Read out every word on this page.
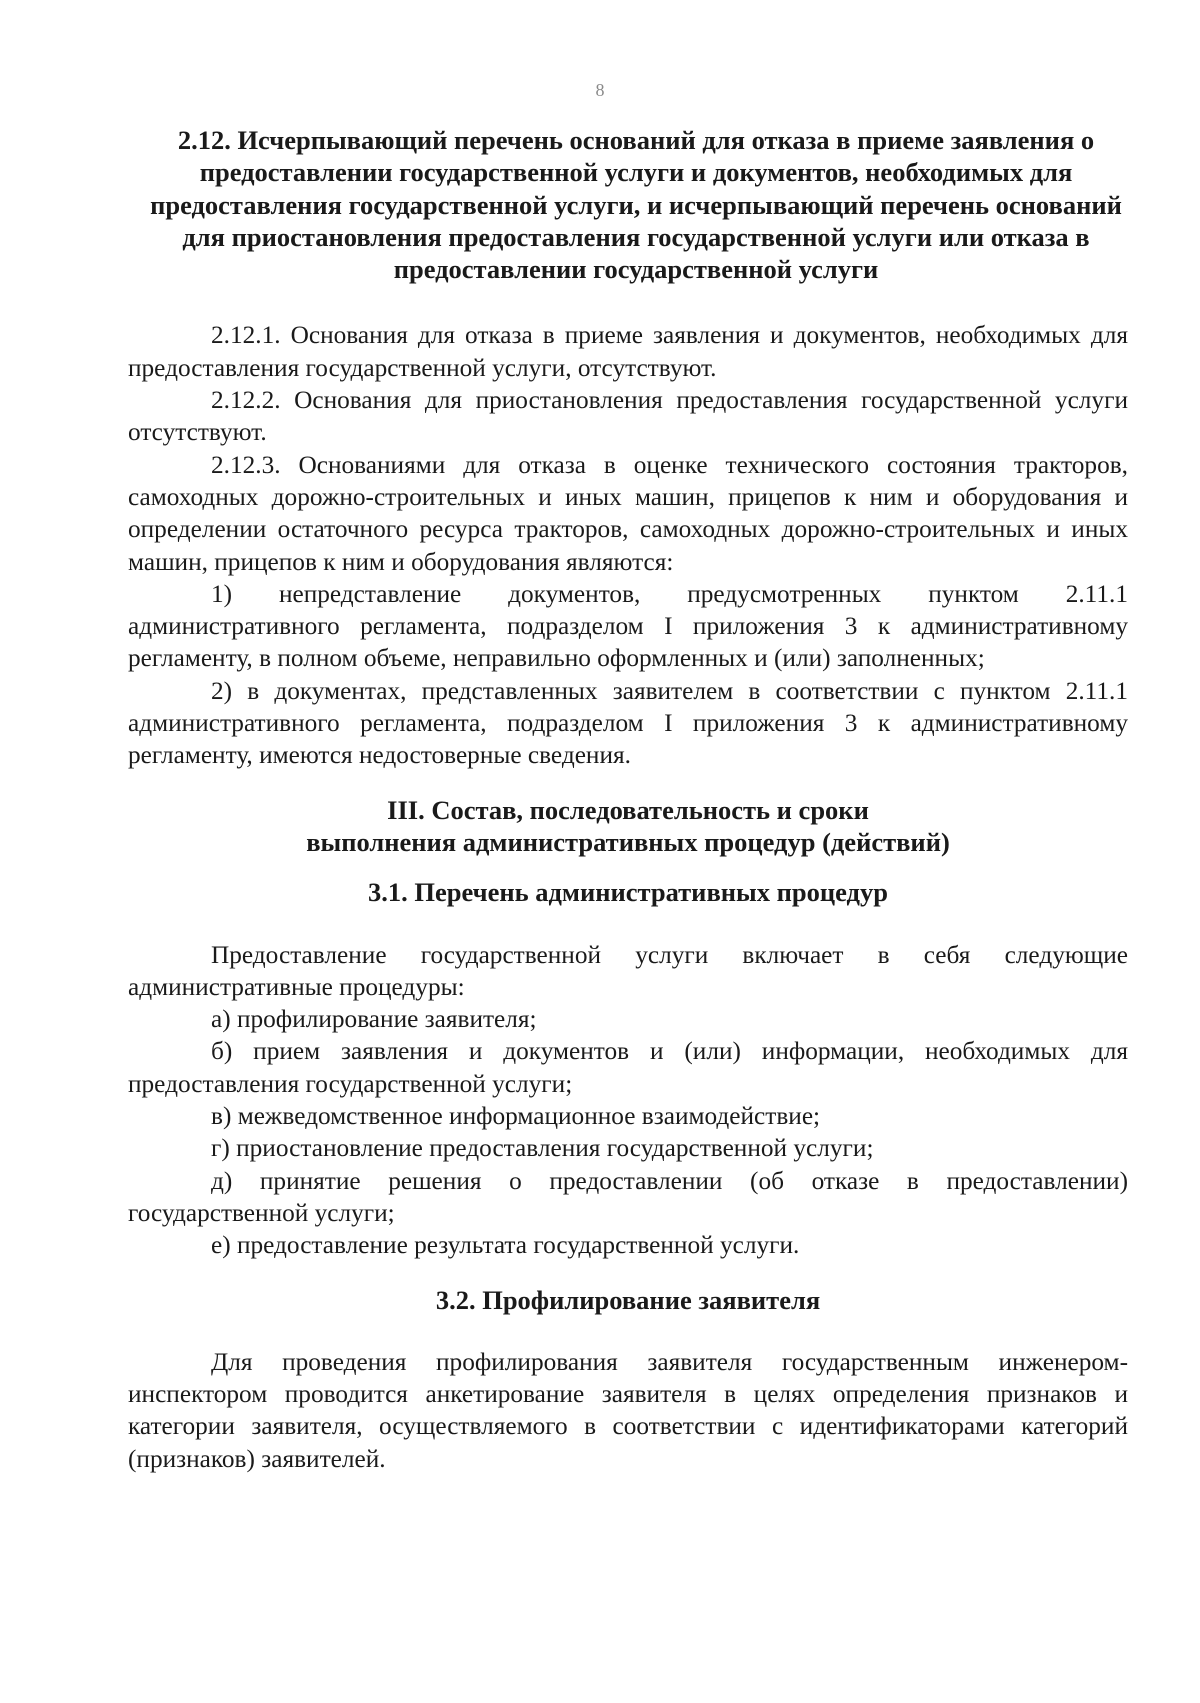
8
2.12. Исчерпывающий перечень оснований для отказа в приеме заявления о предоставлении государственной услуги и документов, необходимых для предоставления государственной услуги, и исчерпывающий перечень оснований для приостановления предоставления государственной услуги или отказа в предоставлении государственной услуги

2.12.1. Основания для отказа в приеме заявления и документов, необходимых для предоставления государственной услуги, отсутствуют.

2.12.2. Основания для приостановления предоставления государственной услуги отсутствуют.

2.12.3. Основаниями для отказа в оценке технического состояния тракторов, самоходных дорожно-строительных и иных машин, прицепов к ним и оборудования и определении остаточного ресурса тракторов, самоходных дорожно-строительных и иных машин, прицепов к ним и оборудования являются:

1) непредставление документов, предусмотренных пунктом 2.11.1 административного регламента, подразделом I приложения 3 к административному регламенту, в полном объеме, неправильно оформленных и (или) заполненных;

2) в документах, представленных заявителем в соответствии с пунктом 2.11.1 административного регламента, подразделом I приложения 3 к административному регламенту, имеются недостоверные сведения.

III. Состав, последовательность и сроки
выполнения административных процедур (действий)
3.1. Перечень административных процедур

Предоставление государственной услуги включает в себя следующие административные процедуры:

а) профилирование заявителя;

б) прием заявления и документов и (или) информации, необходимых для предоставления государственной услуги;

в) межведомственное информационное взаимодействие;

г) приостановление предоставления государственной услуги;

д) принятие решения о предоставлении (об отказе в предоставлении) государственной услуги;

е) предоставление результата государственной услуги.

3.2. Профилирование заявителя

Для проведения профилирования заявителя государственным инженером-инспектором проводится анкетирование заявителя в целях определения признаков и категории заявителя, осуществляемого в соответствии с идентификаторами категорий (признаков) заявителей.
